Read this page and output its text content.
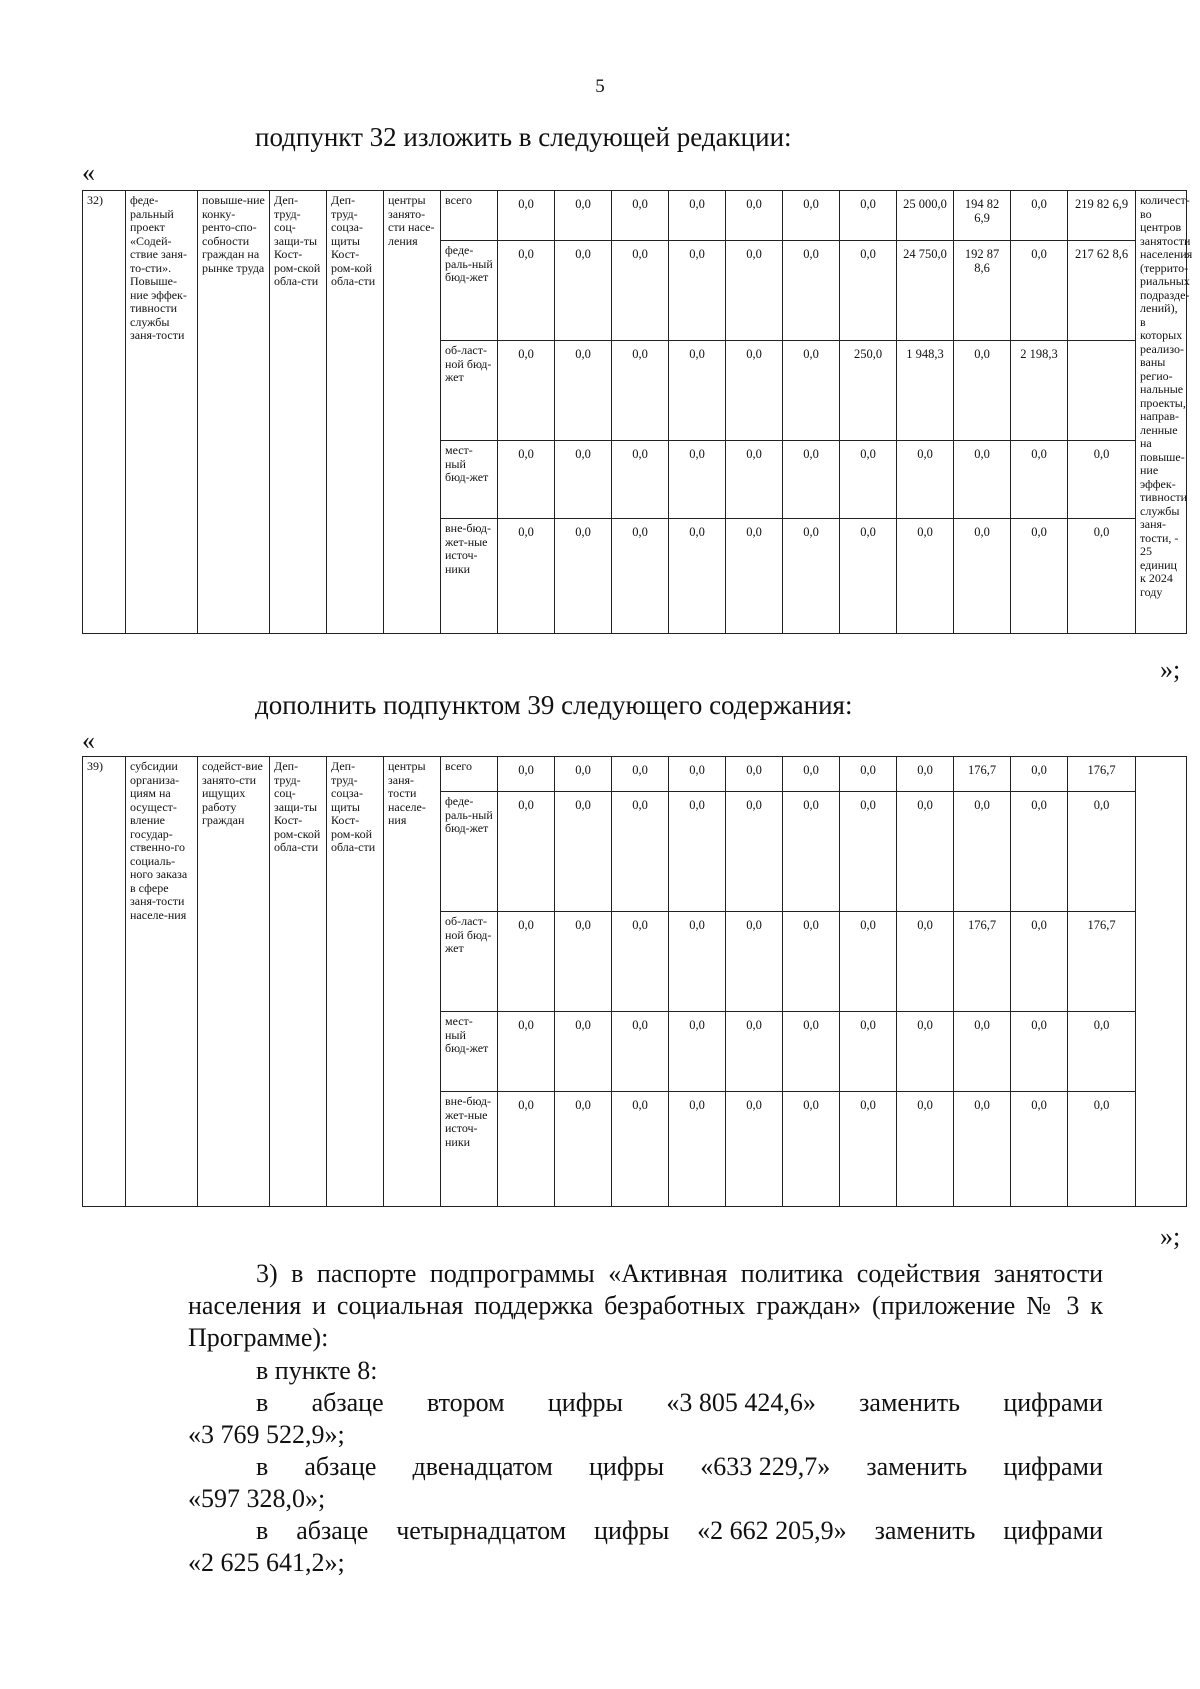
5
подпункт 32 изложить в следующей редакции:
«
32)	феде-ральный проект «Содей-ствие заня-то-сти». Повыше-ние эффек-тивности службы заня-тости	повыше-ние конку-ренто-спо-собности граждан на рынке труда	Деп-труд-соц-защи-ты Кост-ром-ской обла-сти	Деп-труд-соцза-щиты Кост-ром-кой обла-сти	центры занято-сти насе-ления	всего	0,0	0,0	0,0	0,0	0,0	0,0	0,0	25 000,0	194 82 6,9	0,0	219 82 6,9	количест-во центров занятости населения (террито-риальных подразде-лений), в которых реализо-ваны регио-нальные проекты, направ-ленные на повыше-ние эффек-тивности службы заня-тости, - 25 единиц к 2024 году
						феде-раль-ный бюд-жет	0,0	0,0	0,0	0,0	0,0	0,0	0,0	24 750,0	192 87 8,6	0,0	217 62 8,6	
						об-ласт-ной бюд-жет	0,0	0,0	0,0	0,0	0,0	0,0	250,0	1 948,3	0,0	2 198,3		
						мест-ный бюд-жет	0,0	0,0	0,0	0,0	0,0	0,0	0,0	0,0	0,0	0,0	0,0	
						вне-бюд-жет-ные источ-ники	0,0	0,0	0,0	0,0	0,0	0,0	0,0	0,0	0,0	0,0	0,0	
»;
дополнить подпунктом 39 следующего содержания:
«
39)	субсидии организа-циям на осущест-вление государ-ственно-го социаль-ного заказа в сфере заня-тости населе-ния	содейст-вие занято-сти ищущих работу граждан	Деп-труд-соц-защи-ты Кост-ром-ской обла-сти	Деп-труд-соцза-щиты Кост-ром-кой обла-сти	центры заня-тости населе-ния	всего	0,0	0,0	0,0	0,0	0,0	0,0	0,0	0,0	176,7	0,0	176,7	
						феде-раль-ный бюд-жет	0,0	0,0	0,0	0,0	0,0	0,0	0,0	0,0	0,0	0,0	0,0	
						об-ласт-ной бюд-жет	0,0	0,0	0,0	0,0	0,0	0,0	0,0	0,0	176,7	0,0	176,7	
						мест-ный бюд-жет	0,0	0,0	0,0	0,0	0,0	0,0	0,0	0,0	0,0	0,0	0,0	
						вне-бюд-жет-ные источ-ники	0,0	0,0	0,0	0,0	0,0	0,0	0,0	0,0	0,0	0,0	0,0	
»;
3) в паспорте подпрограммы «Активная политика содействия занятости населения и социальная поддержка безработных граждан» (приложение № 3 к Программе):
в пункте 8:
в абзаце втором цифры «3 805 424,6» заменить цифрами
«3 769 522,9»;
в абзаце двенадцатом цифры «633 229,7» заменить цифрами
«597 328,0»;
в абзаце четырнадцатом цифры «2 662 205,9» заменить цифрами
«2 625 641,2»;
